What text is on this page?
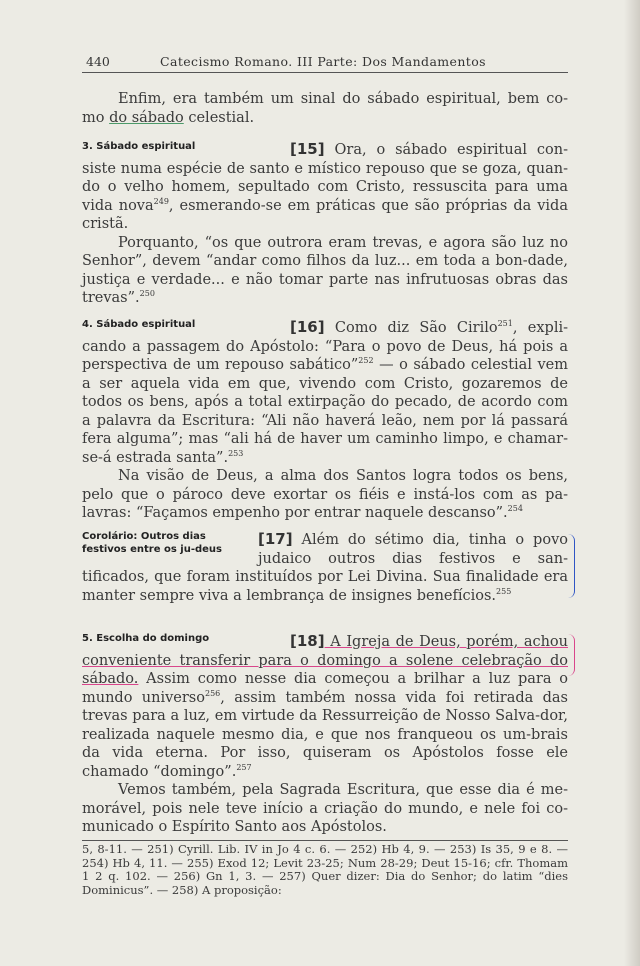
440	Catecismo Romano. III Parte: Dos Mandamentos

Enfim, era também um sinal do sábado espiritual, bem co-mo do sábado celestial.

3. Sábado espiritual	[15] Ora, o sábado espiritual con-siste numa espécie de santo e místico repouso que se goza, quan-do o velho homem, sepultado com Cristo, ressuscita para uma vida nova$^{249}$, esmerando-se em práticas que são próprias da vida cristã.

Porquanto, “os que outrora eram trevas, e agora são luz no Senhor”, devem “andar como filhos da luz... em toda a bon-dade, justiça e verdade... e não tomar parte nas infrutuosas obras das trevas”.$^{250}$

4. Sábado espiritual	[16] Como diz São Cirilo$^{251}$, expli-cando a passagem do Apóstolo: “Para o povo de Deus, há pois a perspectiva de um repouso sabático”$^{252}$ — o sábado celestial vem a ser aquela vida em que, vivendo com Cristo, gozaremos de todos os bens, após a total extirpação do pecado, de acordo com a palavra da Escritura: “Ali não haverá leão, nem por lá passará fera alguma”; mas “ali há de haver um caminho limpo, e chamar-se-á estrada santa”.$^{253}$

Na visão de Deus, a alma dos Santos logra todos os bens, pelo que o pároco deve exortar os fiéis e instá-los com as pa-lavras: “Façamos empenho por entrar naquele descanso”.$^{254}$

Corolário: Outros dias festivos entre os ju-deus
[17] Além do sétimo dia, tinha o povo judaico outros dias festivos e san-tificados, que foram instituídos por Lei Divina. Sua finalidade era manter sempre viva a lembrança de insignes benefícios.$^{255}$

5. Escolha do domingo	[18] A Igreja de Deus, porém, achou conveniente transferir para o domingo a solene celebração do sábado. Assim como nesse dia começou a brilhar a luz para o mundo universo$^{256}$, assim também nossa vida foi retirada das trevas para a luz, em virtude da Ressurreição de Nosso Salva-dor, realizada naquele mesmo dia, e que nos franqueou os um-brais da vida eterna. Por isso, quiseram os Apóstolos fosse ele chamado “domingo”.$^{257}$

Vemos também, pela Sagrada Escritura, que esse dia é me-morável, pois nele teve início a criação do mundo, e nele foi co-municado o Espírito Santo aos Apóstolos.

5, 8-11. — 251) Cyrill. Lib. IV in Jo 4 c. 6. — 252) Hb 4, 9. — 253) Is 35, 9 e 8. — 254) Hb 4, 11. — 255) Exod 12; Levit 23-25; Num 28-29; Deut 15-16; cfr. Thomam 1 2 q. 102. — 256) Gn 1, 3. — 257) Quer dizer: Dia do Senhor; do latim “dies Dominicus”. — 258) A proposição:
